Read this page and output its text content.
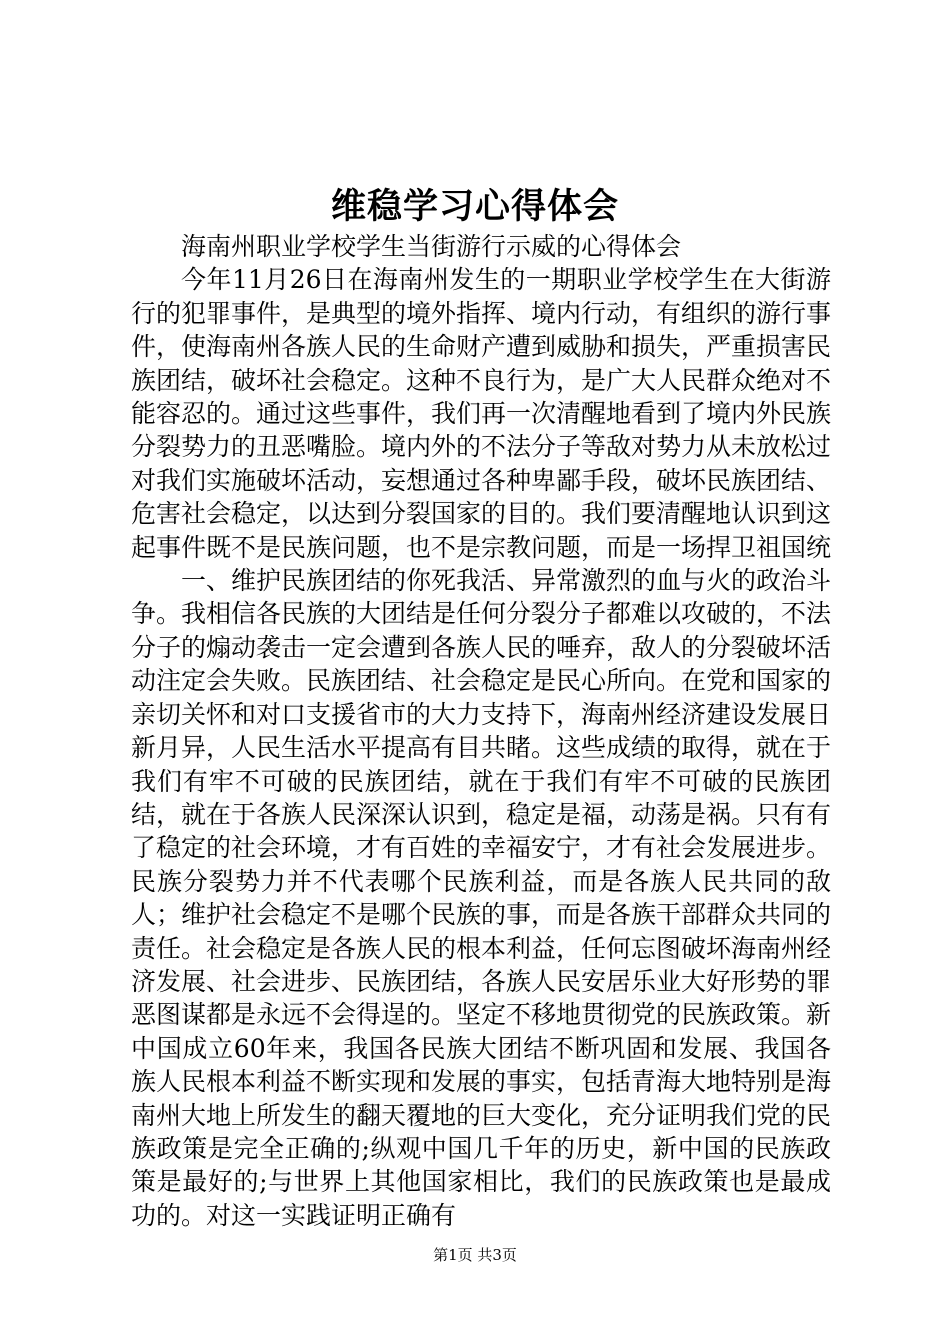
维稳学习心得体会

海南州职业学校学生当街游行示威的心得体会

今年11月26日在海南州发生的一期职业学校学生在大街游行的犯罪事件，是典型的境外指挥、境内行动，有组织的游行事件，使海南州各族人民的生命财产遭到威胁和损失，严重损害民族团结，破坏社会稳定。这种不良行为，是广大人民群众绝对不能容忍的。通过这些事件，我们再一次清醒地看到了境内外民族分裂势力的丑恶嘴脸。境内外的不法分子等敌对势力从未放松过对我们实施破坏活动，妄想通过各种卑鄙手段，破坏民族团结、危害社会稳定，以达到分裂国家的目的。我们要清醒地认识到这起事件既不是民族问题，也不是宗教问题，而是一场捍卫祖国统

一、维护民族团结的你死我活、异常激烈的血与火的政治斗争。我相信各民族的大团结是任何分裂分子都难以攻破的，不法分子的煽动袭击一定会遭到各族人民的唾弃，敌人的分裂破坏活动注定会失败。民族团结、社会稳定是民心所向。在党和国家的亲切关怀和对口支援省市的大力支持下，海南州经济建设发展日新月异，人民生活水平提高有目共睹。这些成绩的取得，就在于我们有牢不可破的民族团结，就在于我们有牢不可破的民族团结，就在于各族人民深深认识到，稳定是福，动荡是祸。只有有了稳定的社会环境，才有百姓的幸福安宁，才有社会发展进步。民族分裂势力并不代表哪个民族利益，而是各族人民共同的敌人；维护社会稳定不是哪个民族的事，而是各族干部群众共同的责任。社会稳定是各族人民的根本利益，任何忘图破坏海南州经济发展、社会进步、民族团结，各族人民安居乐业大好形势的罪恶图谋都是永远不会得逞的。坚定不移地贯彻党的民族政策。新中国成立60年来，我国各民族大团结不断巩固和发展、我国各族人民根本利益不断实现和发展的事实，包括青海大地特别是海南州大地上所发生的翻天覆地的巨大变化，充分证明我们党的民族政策是完全正确的;纵观中国几千年的历史，新中国的民族政策是最好的;与世界上其他国家相比，我们的民族政策也是最成功的。对这一实践证明正确有

第1页 共3页
